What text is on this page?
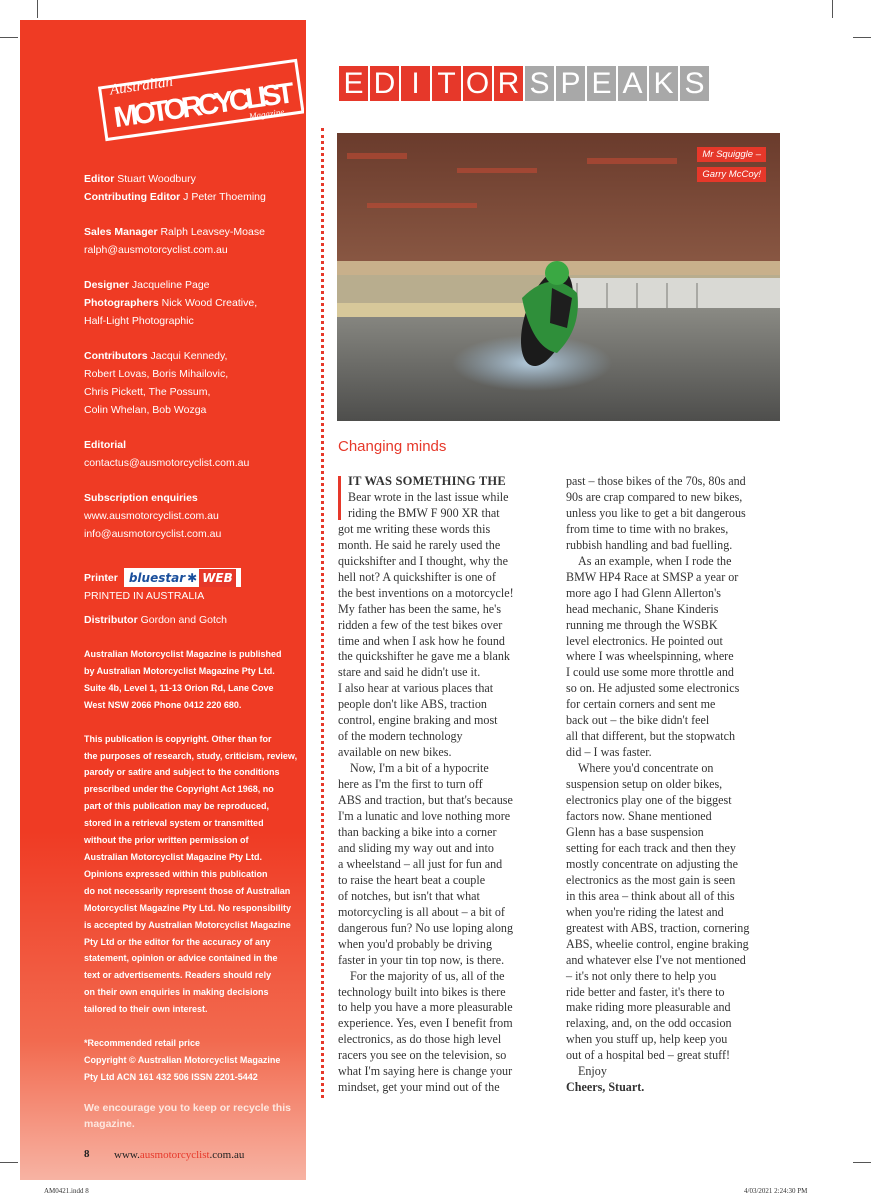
Australian
MOTORCYCLIST
Magazine

Editor Stuart Woodbury

Contributing Editor J Peter Thoeming

Sales Manager Ralph Leavsey-Moase

ralph@ausmotorcyclist.com.au

Designer Jacqueline Page

Photographers Nick Wood Creative,

Half-Light Photographic

Contributors Jacqui Kennedy,

Robert Lovas, Boris Mihailovic,

Chris Pickett, The Possum,

Colin Whelan, Bob Wozga

Editorial

contactus@ausmotorcyclist.com.au

Subscription enquiries

www.ausmotorcyclist.com.au

info@ausmotorcyclist.com.au

Printer bluestar ✱ WEB

PRINTED IN AUSTRALIA

Distributor Gordon and Gotch

Australian Motorcyclist Magazine is published

by Australian Motorcyclist Magazine Pty Ltd.

Suite 4b, Level 1, 11-13 Orion Rd, Lane Cove

West NSW 2066 Phone 0412 220 680.

This publication is copyright. Other than for

the purposes of research, study, criticism, review,

parody or satire and subject to the conditions

prescribed under the Copyright Act 1968, no

part of this publication may be reproduced,

stored in a retrieval system or transmitted

without the prior written permission of

Australian Motorcyclist Magazine Pty Ltd.

Opinions expressed within this publication

do not necessarily represent those of Australian

Motorcyclist Magazine Pty Ltd. No responsibility

is accepted by Australian Motorcyclist Magazine

Pty Ltd or the editor for the accuracy of any

statement, opinion or advice contained in the

text or advertisements. Readers should rely

on their own enquiries in making decisions

tailored to their own interest.

*Recommended retail price

Copyright © Australian Motorcyclist Magazine

Pty Ltd ACN 161 432 506 ISSN 2201-5442

We encourage you to keep or recycle this

magazine.

8 www.ausmotorcyclist.com.au
E D I T O R S P E A K S
Mr Squiggle –
Garry McCoy!
Changing minds

IT WAS SOMETHING THE

Bear wrote in the last issue while

riding the BMW F 900 XR that

got me writing these words this

month. He said he rarely used the

quickshifter and I thought, why the

hell not? A quickshifter is one of

the best inventions on a motorcycle!

My father has been the same, he's

ridden a few of the test bikes over

time and when I ask how he found

the quickshifter he gave me a blank

stare and said he didn't use it.

I also hear at various places that

people don't like ABS, traction

control, engine braking and most

of the modern technology

available on new bikes.

Now, I'm a bit of a hypocrite

here as I'm the first to turn off

ABS and traction, but that's because

I'm a lunatic and love nothing more

than backing a bike into a corner

and sliding my way out and into

a wheelstand – all just for fun and

to raise the heart beat a couple

of notches, but isn't that what

motorcycling is all about – a bit of

dangerous fun? No use loping along

when you'd probably be driving

faster in your tin top now, is there.

For the majority of us, all of the

technology built into bikes is there

to help you have a more pleasurable

experience. Yes, even I benefit from

electronics, as do those high level

racers you see on the television, so

what I'm saying here is change your

mindset, get your mind out of the

past – those bikes of the 70s, 80s and

90s are crap compared to new bikes,

unless you like to get a bit dangerous

from time to time with no brakes,

rubbish handling and bad fuelling.

As an example, when I rode the

BMW HP4 Race at SMSP a year or

more ago I had Glenn Allerton's

head mechanic, Shane Kinderis

running me through the WSBK

level electronics. He pointed out

where I was wheelspinning, where

I could use some more throttle and

so on. He adjusted some electronics

for certain corners and sent me

back out – the bike didn't feel

all that different, but the stopwatch

did – I was faster.

Where you'd concentrate on

suspension setup on older bikes,

electronics play one of the biggest

factors now. Shane mentioned

Glenn has a base suspension

setting for each track and then they

mostly concentrate on adjusting the

electronics as the most gain is seen

in this area – think about all of this

when you're riding the latest and

greatest with ABS, traction, cornering

ABS, wheelie control, engine braking

and whatever else I've not mentioned

– it's not only there to help you

ride better and faster, it's there to

make riding more pleasurable and

relaxing, and, on the odd occasion

when you stuff up, help keep you

out of a hospital bed – great stuff!

Enjoy

Cheers, Stuart.

AM0421.indd 8	4/03/2021 2:24:30 PM
